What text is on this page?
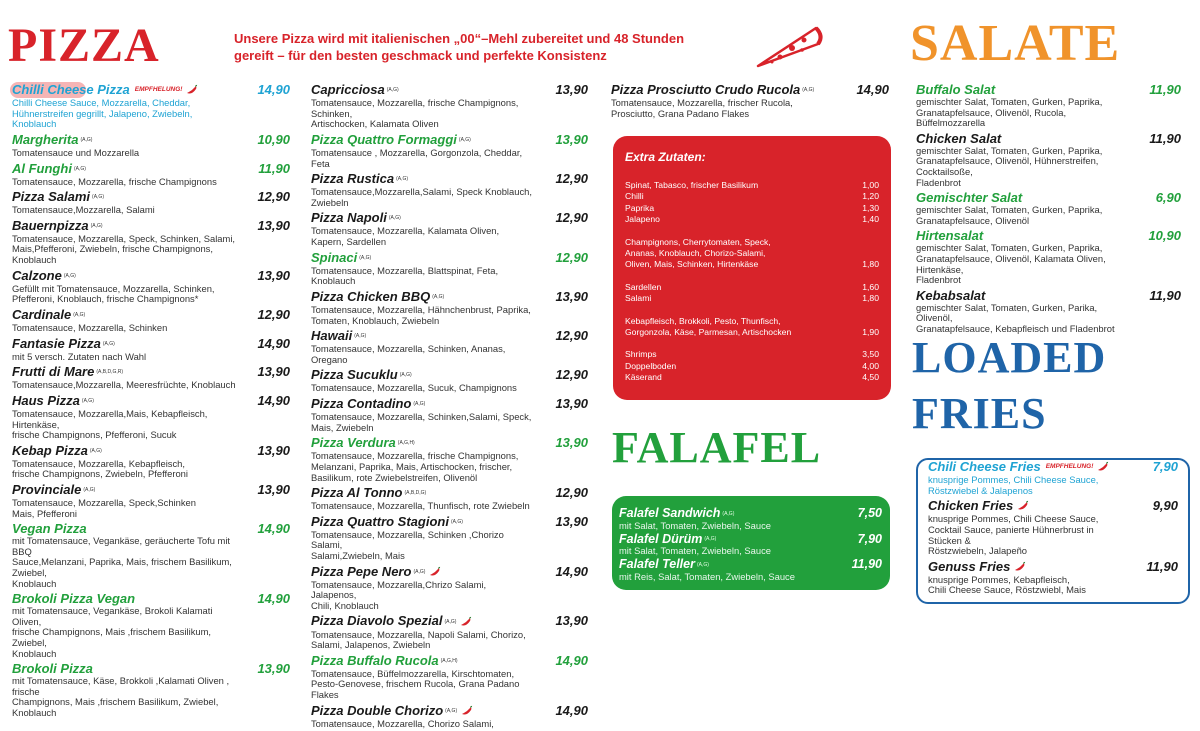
PIZZA	Unsere Pizza wird mit italienischen „00“–Mehl zubereitet und 48 Stunden
gereift – für den besten geschmack und perfekte Konsistenz	SALATE
LOADED
FRIES
FALAFEL
Chilli Cheese Pizza $^{EMPFHELUNG!}$	14,90
Chilli Cheese Sauce, Mozzarella, Cheddar,
Hühnerstreifen gegrillt, Jalapeno, Zwiebeln, Knoblauch
Margherita (A,G)	10,90
Tomatensauce und Mozzarella
Al Funghi (A,G)	11,90
Tomatensauce, Mozzarella, frische Champignons
Pizza Salami (A,G)	12,90
Tomatensauce,Mozzarella, Salami
Bauernpizza (A,G)	13,90
Tomatensauce, Mozzarella, Speck, Schinken, Salami,
Mais,Pfefferoni, Zwiebeln, frische Champignons, Knoblauch
Calzone (A,G)	13,90
Gefüllt mit Tomatensauce, Mozzarella, Schinken,
Pfefferoni, Knoblauch, frische Champignons*
Cardinale (A,G)	12,90
Tomatensauce, Mozzarella, Schinken
Fantasie Pizza (A,G)	14,90
mit 5 versch. Zutaten nach Wahl
Frutti di Mare (A,B,D,G,R)	13,90
Tomatensauce,Mozzarella, Meeresfrüchte, Knoblauch
Haus Pizza (A,G)	14,90
Tomatensauce, Mozzarella,Mais, Kebapfleisch, Hirtenkäse,
frische Champignons, Pfefferoni, Sucuk
Kebap Pizza (A,G)	13,90
Tomatensauce, Mozzarella, Kebapfleisch,
frische Champignons, Zwiebeln, Pfefferoni
Provinciale (A,G)	13,90
Tomatensauce, Mozzarella, Speck,Schinken
Mais, Pfefferoni
Vegan Pizza	14,90
mit Tomatensauce, Vegankäse, geräucherte Tofu mit BBQ
Sauce,Melanzani, Paprika, Mais, frischem Basilikum, Zwiebel,
Knoblauch
Brokoli Pizza Vegan	14,90
mit Tomatensauce, Vegankäse, Brokoli Kalamati Oliven,
frische Champignons, Mais ,frischem Basilikum, Zwiebel,
Knoblauch
Brokoli Pizza	13,90
mit Tomatensauce, Käse, Brokkoli ,Kalamati Oliven , frische
Champignons, Mais ,frischem Basilikum, Zwiebel, Knoblauch
Capricciosa (A,G)	13,90
Tomatensauce, Mozzarella, frische Champignons, Schinken,
Artischocken, Kalamata Oliven
Pizza Quattro Formaggi (A,G)	13,90
Tomatensauce , Mozzarella, Gorgonzola, Cheddar, Feta
Pizza Rustica (A,G)	12,90
Tomatensauce,Mozzarella,Salami, Speck Knoblauch, Zwiebeln
Pizza Napoli (A,G)	12,90
Tomatensauce, Mozzarella, Kalamata Oliven,
Kapern, Sardellen
Spinaci (A,G)	12,90
Tomatensauce, Mozzarella, Blattspinat, Feta, Knoblauch
Pizza Chicken BBQ (A,G)	13,90
Tomatensauce, Mozzarella, Hähnchenbrust, Paprika,
Tomaten, Knoblauch, Zwiebeln
Hawaii (A,G)	12,90
Tomatensauce, Mozzarella, Schinken, Ananas, Oregano
Pizza Sucuklu (A,G)	12,90
Tomatensauce, Mozzarella, Sucuk, Champignons
Pizza Contadino (A,G)	13,90
Tomatensauce, Mozzarella, Schinken,Salami, Speck,
Mais, Zwiebeln
Pizza Verdura (A,G,H)	13,90
Tomatensauce, Mozzarella, frische Champignons,
Melanzani, Paprika, Mais, Artischocken, frischer,
Basilikum, rote Zwiebelstreifen, Olivenöl
Pizza Al Tonno (A,B,D,G)	12,90
Tomatensauce, Mozzarella, Thunfisch, rote Zwiebeln
Pizza Quattro Stagioni (A,G)	13,90
Tomatensauce, Mozzarella, Schinken ,Chorizo Salami,
Salami,Zwiebeln, Mais
Pizza Pepe Nero (A,G)	14,90
Tomatensauce, Mozzarella,Chrizo Salami, Jalapenos,
Chili, Knoblauch
Pizza Diavolo Spezial (A,G)	13,90
Tomatensauce, Mozzarella, Napoli Salami, Chorizo,
Salami, Jalapenos, Zwiebeln
Pizza Buffalo Rucola (A,G,H)	14,90
Tomatensauce, Büffelmozzarella, Kirschtomaten,
Pesto-Genovese, frischem Rucola, Grana Padano Flakes
Pizza Double Chorizo (A,G)	14,90
Tomatensauce, Mozzarella, Chorizo Salami,
Pizza Prosciutto Crudo Rucola (A,G)	14,90
Tomatensauce, Mozzarella, frischer Rucola,
Prosciutto, Grana Padano Flakes
Extra Zutaten:
Spinat, Tabasco, frischer Basilikum	1,00
Chilli	1,20
Paprika	1,30
Jalapeno	1,40
Champignons, Cherrytomaten, Speck,
Ananas, Knoblauch, Chorizo-Salami,
Oliven, Mais, Schinken, Hirtenkäse	1,80
Sardellen	1,60
Salami	1,80
Kebapfleisch, Brokkoli, Pesto, Thunfisch,
Gorgonzola, Käse, Parmesan, Artischocken	1,90
Shrimps	3,50
Doppelboden	4,00
Käserand	4,50
Falafel Sandwich (A,G)	7,50
mit Salat, Tomaten, Zwiebeln, Sauce
Falafel Dürüm (A,G)	7,90
mit Salat, Tomaten, Zwiebeln, Sauce
Falafel Teller (A,G)	11,90
mit Reis, Salat, Tomaten, Zwiebeln, Sauce
Buffalo Salat	11,90
gemischter Salat, Tomaten, Gurken, Paprika,
Granatapfelsauce, Olivenöl, Rucola, Büffelmozzarella
Chicken Salat	11,90
gemischter Salat, Tomaten, Gurken, Paprika,
Granatapfelsauce, Olivenöl, Hühnerstreifen, Cocktailsoße,
Fladenbrot
Gemischter Salat	6,90
gemischter Salat, Tomaten, Gurken, Paprika,
Granatapfelsauce, Olivenöl
Hirtensalat	10,90
gemischter Salat, Tomaten, Gurken, Paprika,
Granatapfelsauce, Olivenöl, Kalamata Oliven, Hirtenkäse,
Fladenbrot
Kebabsalat	11,90
gemischter Salat, Tomaten, Gurken, Parika, Olivenöl,
Granatapfelsauce, Kebapfleisch und Fladenbrot
Chili Cheese Fries $^{EMPFHELUNG!}$	7,90
knusprige Pommes, Chili Cheese Sauce,
Röstzwiebel & Jalapenos
Chicken Fries	9,90
knusprige Pommes, Chili Cheese Sauce,
Cocktail Sauce, panierte Hühnerbrust in Stücken &
Röstzwiebeln, Jalapeño
Genuss Fries	11,90
knusprige Pommes, Kebapfleisch,
Chili Cheese Sauce, Röstzwiebl, Mais
